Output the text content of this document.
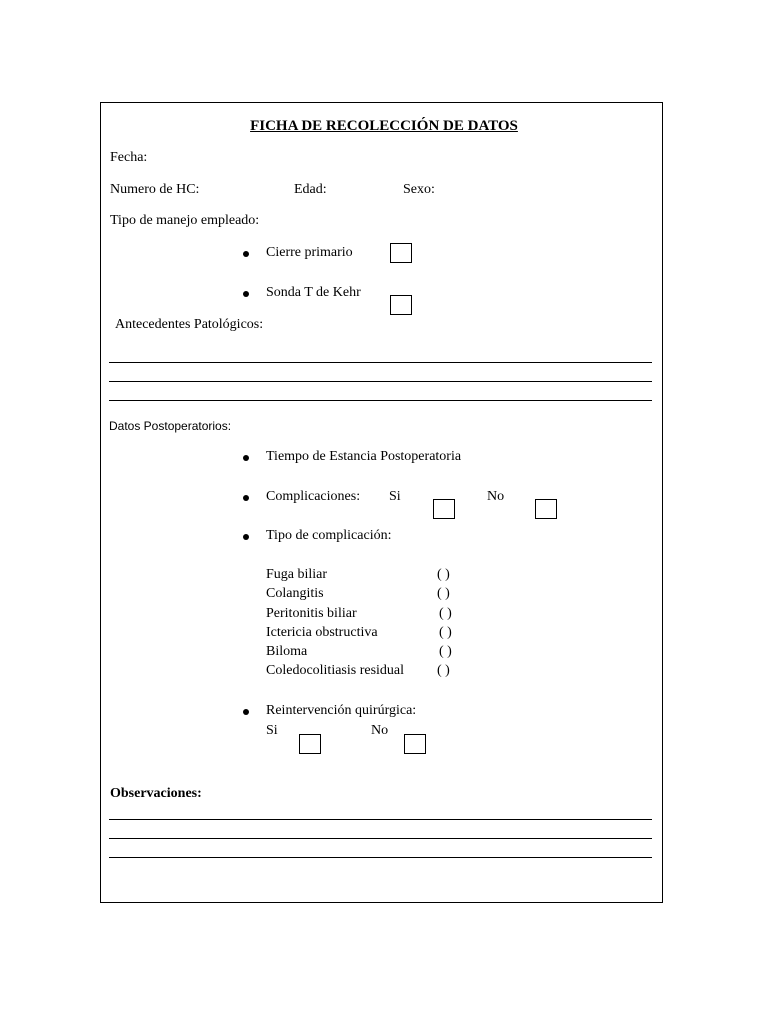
FICHA DE RECOLECCIÓN DE DATOS
Fecha:
Numero de HC:	Edad:	Sexo:
Tipo de manejo empleado:
Cierre primario
Sonda T de Kehr
Antecedentes Patológicos:
Datos Postoperatorios:
Tiempo de Estancia Postoperatoria
Complicaciones: Si	No
Tipo de complicación:
Fuga biliar	( )
Colangitis	( )
Peritonitis biliar	( )
Ictericia obstructiva	( )
Biloma	( )
Coledocolitiasis residual ( )
Reintervención quirúrgica:
Si	No
Observaciones:
